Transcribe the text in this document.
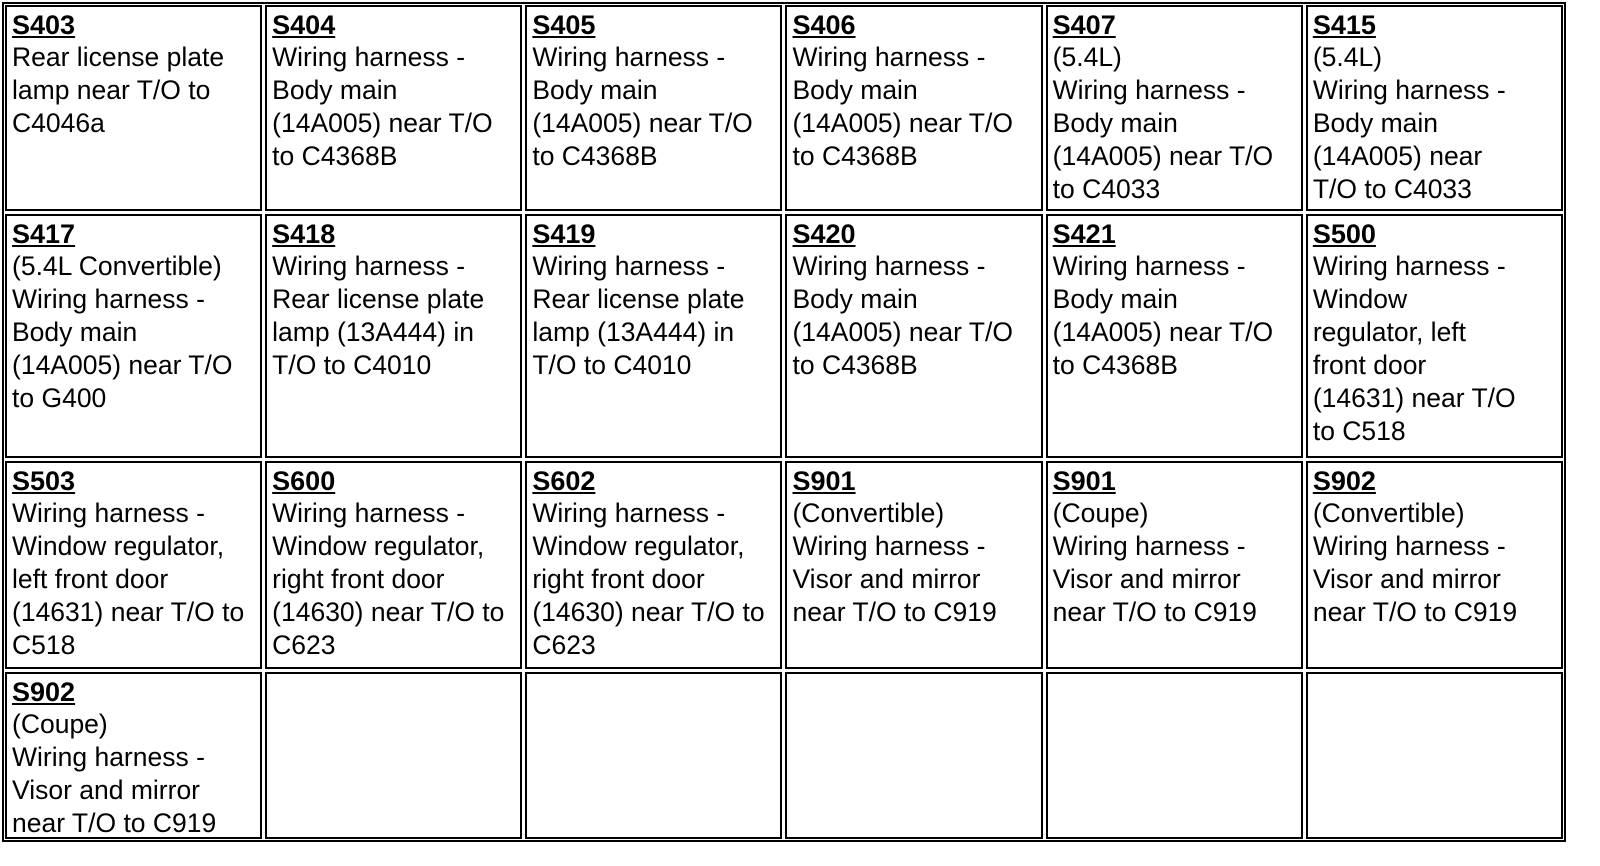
S403
Rear license plate
lamp near T/O to
C4046a
S404
Wiring harness -
Body main
(14A005) near T/O
to C4368B
S405
Wiring harness -
Body main
(14A005) near T/O
to C4368B
S406
Wiring harness -
Body main
(14A005) near T/O
to C4368B
S407
(5.4L)
Wiring harness -
Body main
(14A005) near T/O
to C4033
S415
(5.4L)
Wiring harness -
Body main
(14A005) near
T/O to C4033
S417
(5.4L Convertible)
Wiring harness -
Body main
(14A005) near T/O
to G400
S418
Wiring harness -
Rear license plate
lamp (13A444) in
T/O to C4010
S419
Wiring harness -
Rear license plate
lamp (13A444) in
T/O to C4010
S420
Wiring harness -
Body main
(14A005) near T/O
to C4368B
S421
Wiring harness -
Body main
(14A005) near T/O
to C4368B
S500
Wiring harness -
Window
regulator, left
front door
(14631) near T/O
to C518
S503
Wiring harness -
Window regulator,
left front door
(14631) near T/O to
C518
S600
Wiring harness -
Window regulator,
right front door
(14630) near T/O to
C623
S602
Wiring harness -
Window regulator,
right front door
(14630) near T/O to
C623
S901
(Convertible)
Wiring harness -
Visor and mirror
near T/O to C919
S901
(Coupe)
Wiring harness -
Visor and mirror
near T/O to C919
S902
(Convertible)
Wiring harness -
Visor and mirror
near T/O to C919
S902
(Coupe)
Wiring harness -
Visor and mirror
near T/O to C919
